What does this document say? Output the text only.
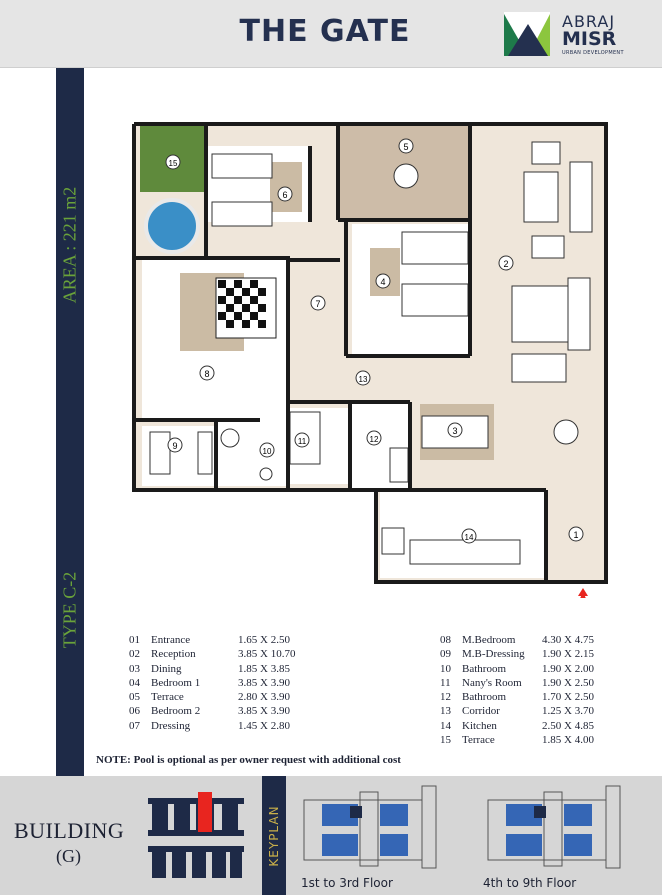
THE GATE	ABRAJ
MISR
URBAN DEVELOPMENT
AREA : 221 m2
TYPE C-2
1
2
3
4
5
6
7
8
9
10
11	12
13
14
15
01	Entrance	1.65 X 2.50
02	Reception	3.85 X 10.70
03	Dining	1.85 X 3.85
04	Bedroom 1	3.85 X 3.90
05	Terrace	2.80 X 3.90
06	Bedroom 2	3.85 X 3.90
07	Dressing	1.45 X 2.80
08	M.Bedroom	4.30 X 4.75
09	M.B-Dressing	1.90 X 2.15
10	Bathroom	1.90 X 2.00
11	Nany's Room	1.90 X 2.50
12	Bathroom	1.70 X 2.50
13	Corridor	1.25 X 3.70
14	Kitchen	2.50 X 4.85
15	Terrace	1.85 X 4.00
NOTE: Pool is optional as per owner request with additional cost
BUILDING
(G)	KEYPLAN
1st to 3rd Floor	4th to 9th Floor
